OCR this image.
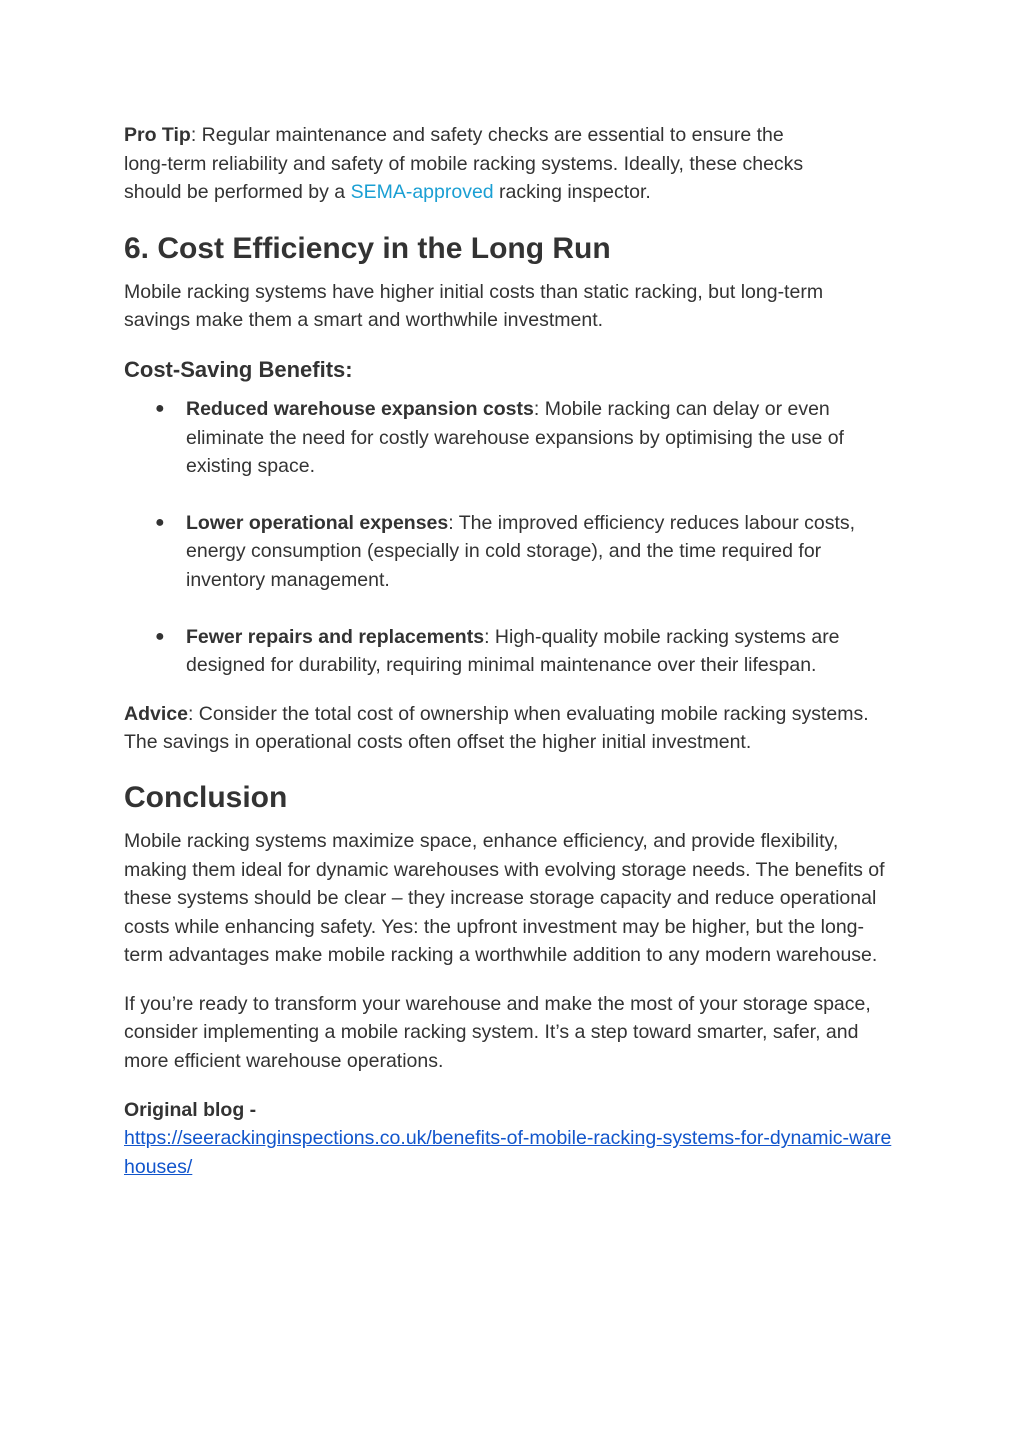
Pro Tip: Regular maintenance and safety checks are essential to ensure the long-term reliability and safety of mobile racking systems. Ideally, these checks should be performed by a SEMA-approved racking inspector.

6. Cost Efficiency in the Long Run

Mobile racking systems have higher initial costs than static racking, but long-term savings make them a smart and worthwhile investment.

Cost-Saving Benefits:
● Reduced warehouse expansion costs: Mobile racking can delay or even eliminate the need for costly warehouse expansions by optimising the use of existing space.
● Lower operational expenses: The improved efficiency reduces labour costs, energy consumption (especially in cold storage), and the time required for inventory management.
● Fewer repairs and replacements: High-quality mobile racking systems are designed for durability, requiring minimal maintenance over their lifespan.

Advice: Consider the total cost of ownership when evaluating mobile racking systems. The savings in operational costs often offset the higher initial investment.

Conclusion

Mobile racking systems maximize space, enhance efficiency, and provide flexibility, making them ideal for dynamic warehouses with evolving storage needs. The benefits of these systems should be clear – they increase storage capacity and reduce operational costs while enhancing safety. Yes: the upfront investment may be higher, but the long-term advantages make mobile racking a worthwhile addition to any modern warehouse.

If you’re ready to transform your warehouse and make the most of your storage space, consider implementing a mobile racking system. It’s a step toward smarter, safer, and more efficient warehouse operations.

Original blog -
https://seerackinginspections.co.uk/benefits-of-mobile-racking-systems-for-dynamic-warehouses/
